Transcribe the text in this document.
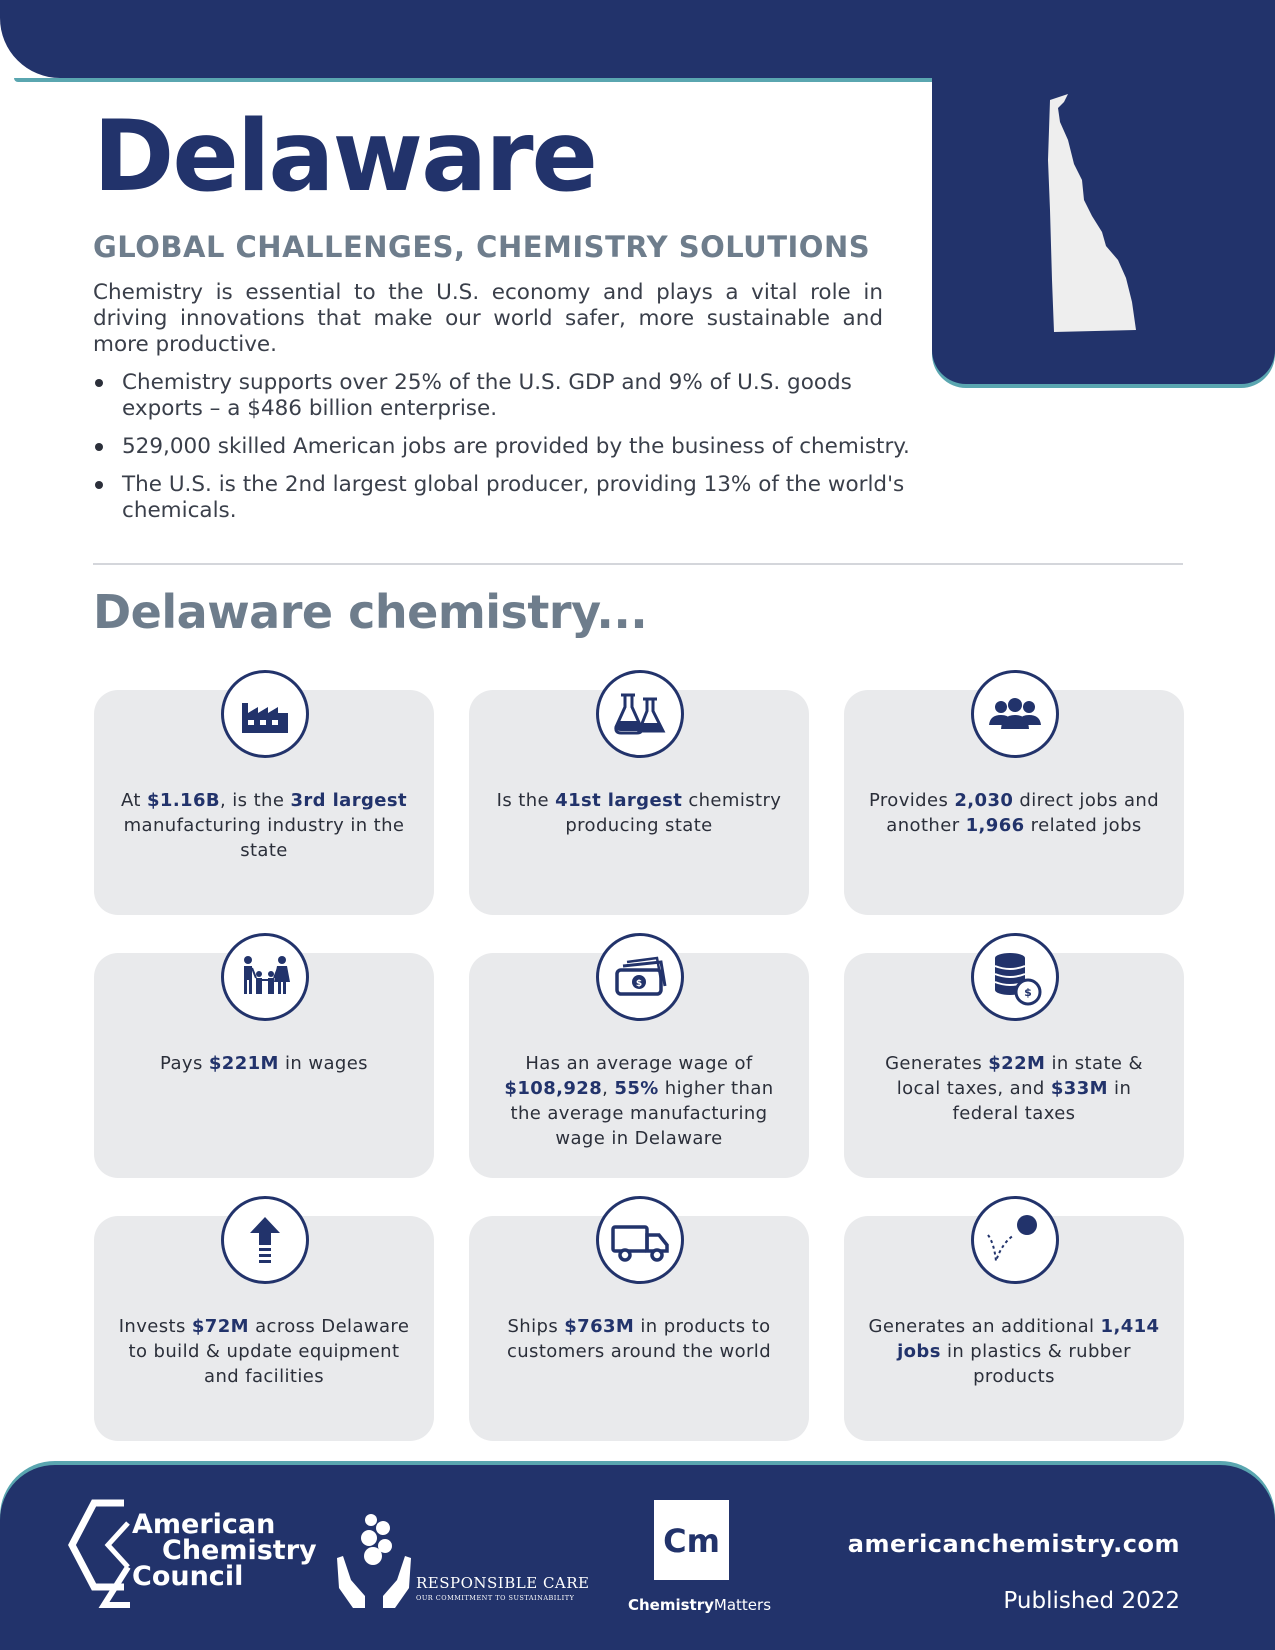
Delaware
GLOBAL CHALLENGES, CHEMISTRY SOLUTIONS

Chemistry is essential to the U.S. economy and plays a vital role in driving innovations that make our world safer, more sustainable and more productive.

Chemistry supports over 25% of the U.S. GDP and 9% of U.S. goods exports – a $486 billion enterprise.
529,000 skilled American jobs are provided by the business of chemistry.
The U.S. is the 2nd largest global producer, providing 13% of the world's chemicals.
Delaware chemistry...

At $1.16B, is the 3rd largest manufacturing industry in the state

Is the 41st largest chemistry producing state

Provides 2,030 direct jobs and another 1,966 related jobs

Pays $221M in wages

$

Has an average wage of $108,928, 55% higher than the average manufacturing wage in Delaware

$

Generates $22M in state & local taxes, and $33M in federal taxes

Invests $72M across Delaware to build & update equipment and facilities

Ships $763M in products to customers around the world

Generates an additional 1,414 jobs in plastics & rubber products

American
Chemistry
Council	RESPONSIBLE CARE
OUR COMMITMENT TO SUSTAINABILITY
Cm
ChemistryMatters
americanchemistry.com
Published 2022
